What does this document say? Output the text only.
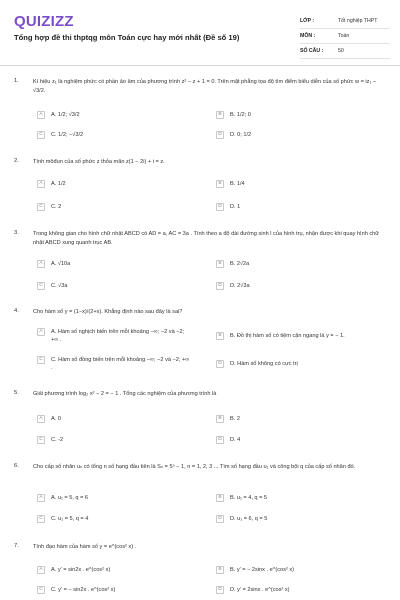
QUIZIZZ
Tổng hợp đề thi thptqg môn Toán cực hay mới nhất (Đề số 19)
LỚP :	Tốt nghiệp THPT
MÔN :	Toán
SỐ CÂU :	50
1.	Kí hiệu z₁ là nghiệm phức có phần ảo âm của phương trình z² − z + 1 = 0. Trên mặt phẳng tọa độ tìm điểm biểu diễn của số phức w = iz₁ − √3/2.
A	A. 1/2; √3/2	B	B. 1/2; 0
C	C. 1/2; −√3/2	D	D. 0; 1/2
2.	Tính môđun của số phức z thỏa mãn z(1 − 2i) + i = z.
A	A. 1/2	B	B. 1/4
C	C. 2	D	D. 1
3.	Trong không gian cho hình chữ nhật ABCD có AD = a, AC = 3a . Tính theo a độ dài đường sinh l của hình trụ, nhận được khi quay hình chữ nhật ABCD xung quanh trục AB.
A	A. √10a	B	B. 2√2a
C	C. √3a	D	D. 2√3a
4.	Cho hàm số y = (1−x)/(2+x). Khẳng định nào sau đây là sai?
A	A. Hàm số nghịch biến trên mỗi khoảng −∞; −2 và −2; +∞ .
B	B. Đồ thị hàm số có tiệm cận ngang là y = − 1.
C	C. Hàm số đồng biến trên mỗi khoảng −∞; −2 và −2; +∞ .
D	D. Hàm số không có cực trị
5.	Giải phương trình log₂ x² − 2 = − 1 . Tổng các nghiệm của phương trình là
A	A. 0	B	B. 2
C	C. -2	D	D. 4
6.	Cho cấp số nhân uₙ có tổng n số hạng đầu tiên là Sₙ = 5ⁿ − 1, n = 1, 2, 3 ... Tìm số hạng đầu u₁ và công bội q của cấp số nhân đó.
A	A. u₁ = 5, q = 6	B	B. u₁ = 4, q = 5
C	C. u₁ = 5, q = 4	D	D. u₁ = 6, q = 5
7.	Tính đạo hàm của hàm số y = e^(cos² x) .
A	A. y' = sin2x . e^(cos² x)	B	B. y' = − 2sinx . e^(cos² x)
C	C. y' = − sin2x . e^(cos² x)	D	D. y' = 2sinx . e^(cos² x)
